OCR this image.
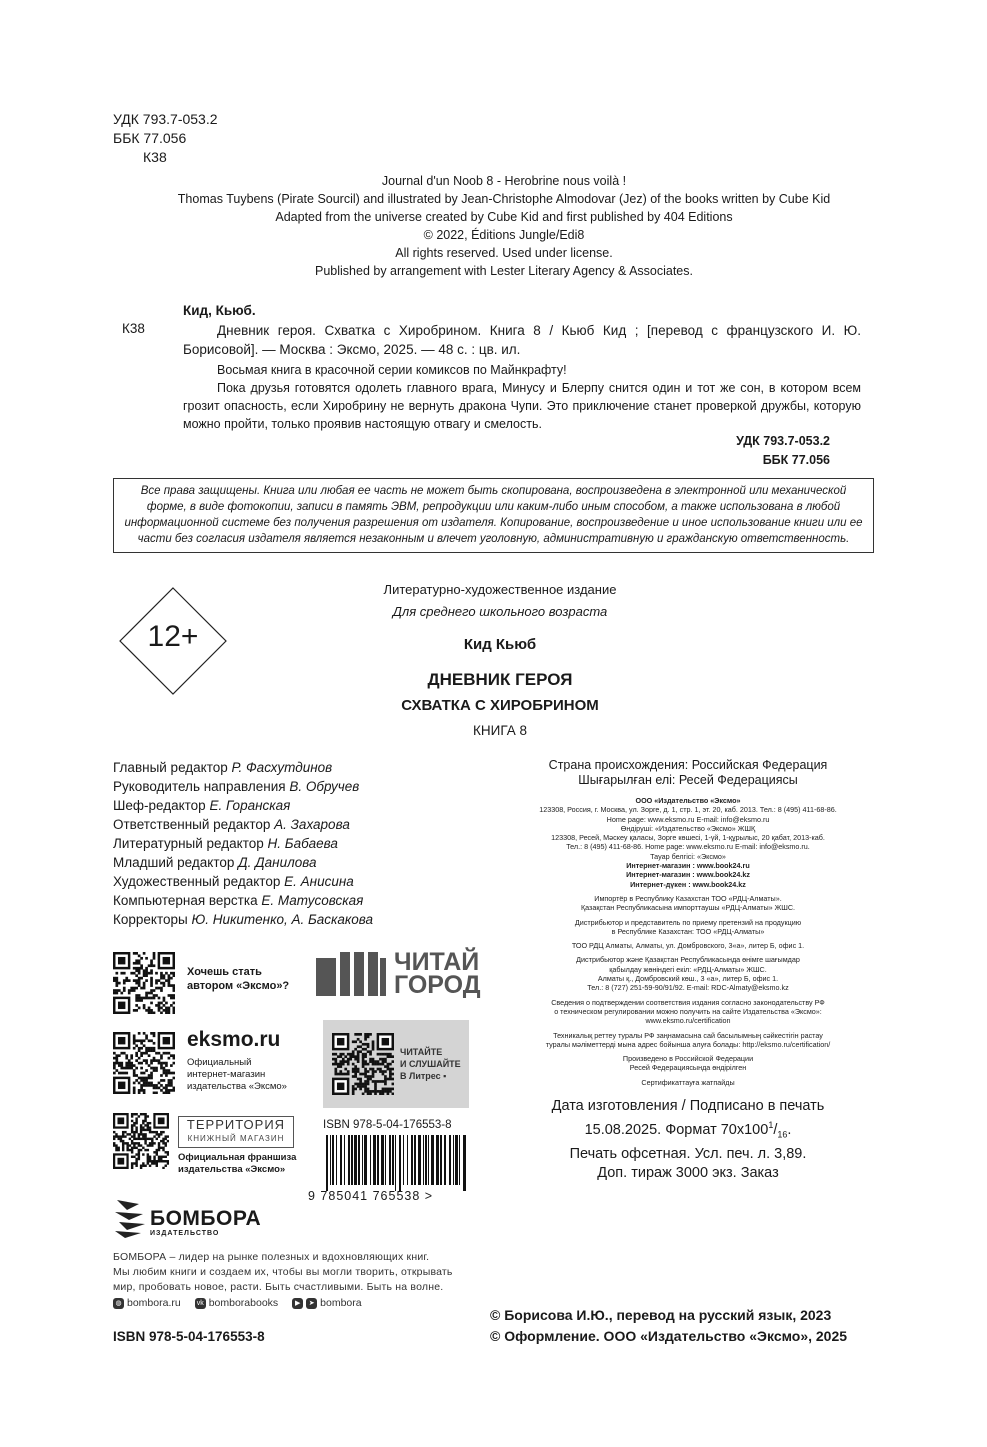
УДК 793.7-053.2
ББК 77.056
К38
Journal d'un Noob 8 - Herobrine nous voilà !
Thomas Tuybens (Pirate Sourcil) and illustrated by Jean-Christophe Almodovar (Jez) of the books written by Cube Kid
Adapted from the universe created by Cube Kid and first published by 404 Editions
© 2022, Éditions Jungle/Edi8
All rights reserved. Used under license.
Published by arrangement with Lester Literary Agency & Associates.
Кид, Кьюб.
К38	Дневник героя. Схватка с Хиробрином. Книга 8 / Кьюб Кид ; [перевод с французского И. Ю. Борисовой]. — Москва : Эксмо, 2025. — 48 с. : цв. ил.

Восьмая книга в красочной серии комиксов по Майнкрафту!

Пока друзья готовятся одолеть главного врага, Минусу и Блерпу снится один и тот же сон, в котором всем грозит опасность, если Хиробрину не вернуть дракона Чупи. Это приключение станет проверкой дружбы, которую можно пройти, только проявив настоящую отвагу и смелость.

УДК 793.7-053.2
ББК 77.056
Все права защищены. Книга или любая ее часть не может быть скопирована, воспроизведена в электронной или механической форме, в виде фотокопии, записи в память ЭВМ, репродукции или каким-либо иным способом, а также использована в любой информационной системе без получения разрешения от издателя. Копирование, воспроизведение и иное использование книги или ее части без согласия издателя является незаконным и влечет уголовную, административную и гражданскую ответственность.
Литературно-художественное издание
Для среднего школьного возраста
12+	Кид Кьюб
ДНЕВНИК ГЕРОЯ
СХВАТКА С ХИРОБРИНОМ
КНИГА 8
Главный редактор Р. Фасхутдинов
Руководитель направления В. Обручев
Шеф-редактор Е. Горанская
Ответственный редактор А. Захарова
Литературный редактор Н. Бабаева
Младший редактор Д. Данилова
Художественный редактор Е. Анисина
Компьютерная верстка Е. Матусовская
Корректоры Ю. Никитенко, А. Баскакова
Страна происхождения: Российская Федерация
Шығарылған елі: Ресей Федерациясы
ООО «Издательство «Эксмо»
123308, Россия, г. Москва, ул. Зорге, д. 1, стр. 1, эт. 20, каб. 2013. Тел.: 8 (495) 411-68-86.
Home page: www.eksmo.ru E-mail: info@eksmo.ru
Өндіруші: «Издательство «Эксмо» ЖШҚ
123308, Ресей, Мәскеу қаласы, Зорге көшесі, 1-үй, 1-құрылыс, 20 қабат, 2013-каб.
Тел.: 8 (495) 411-68-86. Home page: www.eksmo.ru E-mail: info@eksmo.ru.
Тауар белгісі: «Эксмо»
Интернет-магазин : www.book24.ru
Интернет-магазин : www.book24.kz
Интернет-дүкен : www.book24.kz
Импортёр в Республику Казахстан ТОО «РДЦ-Алматы».
Қазақстан Республикасына импорттаушы «РДЦ-Алматы» ЖШС.
Дистрибьютор и представитель по приему претензий на продукцию
в Республике Казахстан: ТОО «РДЦ-Алматы»
ТОО РДЦ Алматы, Алматы, ул. Домбровского, 3«а», литер Б, офис 1.
Дистрибьютор және Қазақстан Республикасында өнімге шағымдар
қабылдау жөніндегі екіл: «РДЦ-Алматы» ЖШС.
Алматы қ., Домбровский көш., 3 «а», литер Б, офис 1.
Тел.: 8 (727) 251-59-90/91/92. E-mail: RDC-Almaty@eksmo.kz
Сведения о подтверждении соответствия издания согласно законодательству РФ
о техническом регулировании можно получить на сайте Издательства «Эксмо»:
www.eksmo.ru/certification
Техникалық реттеу туралы РФ заңнамасына сай басылымның сәйкестігін растау
туралы мәліметтерді мына адрес бойынша алуға болады: http://eksmo.ru/certification/
Произведено в Российской Федерации
Ресей Федерациясында өндірілген
Сертификаттауға жатпайды
Дата изготовления / Подписано в печать
15.08.2025. Формат $70x100^1/_{16}$.
Печать офсетная. Усл. печ. л. 3,89.
Доп. тираж 3000 экз. Заказ
Хочешь стать автором «Эксмо»?
eksmo.ru
Официальный
интернет-магазин
издательства «Эксмо»
ТЕРРИТОРИЯ
КНИЖНЫЙ МАГАЗИН
Официальная франшиза
издательства «Эксмо»
ЧИТАЙ
ГОРОД
ЧИТАЙТЕ
И СЛУШАЙТЕ
В Литрес ▪
ISBN 978-5-04-176553-8
9 785041 765538 >
БОМБОРА
ИЗДАТЕЛЬСТВО
БОМБОРА – лидер на рынке полезных и вдохновляющих книг.
Мы любим книги и создаем их, чтобы вы могли творить, открывать
мир, пробовать новое, расти. Быть счастливыми. Быть на волне.
◍ bombora.ru vk bomborabooks	▶	➤ bombora
ISBN 978-5-04-176553-8
© Борисова И.Ю., перевод на русский язык, 2023
© Оформление. ООО «Издательство «Эксмо», 2025
